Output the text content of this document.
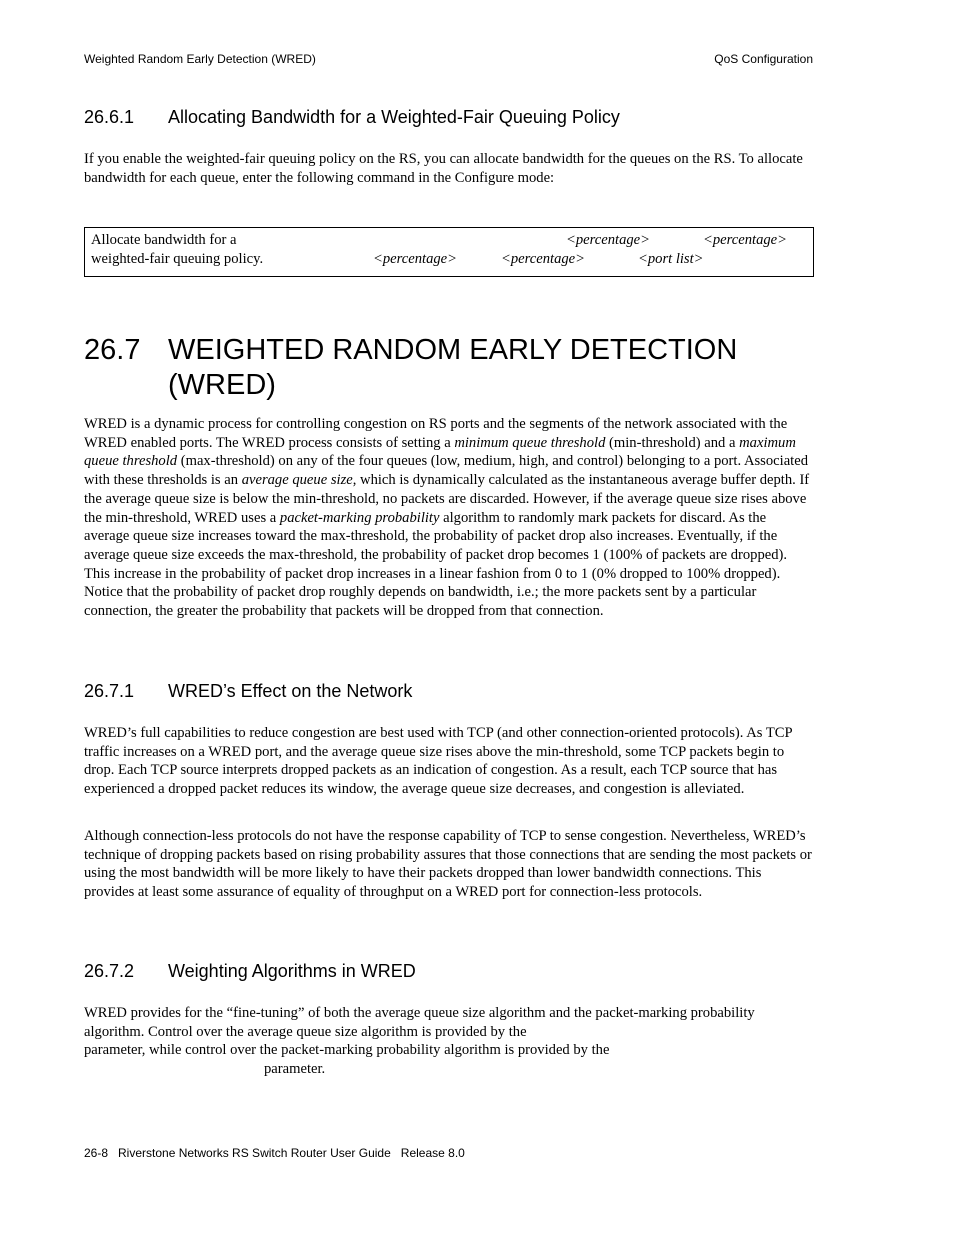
Weighted Random Early Detection (WRED)	QoS Configuration
26.6.1 Allocating Bandwidth for a Weighted-Fair Queuing Policy

If you enable the weighted-fair queuing policy on the RS, you can allocate bandwidth for the queues on the RS. To allocate bandwidth for each queue, enter the following command in the Configure mode:

Allocate bandwidth for a
weighted-fair queuing policy.
<percentage>	<percentage>
<percentage>	<percentage>	<port list>
26.7 WEIGHTED RANDOM EARLY DETECTION
(WRED)

WRED is a dynamic process for controlling congestion on RS ports and the segments of the network associated with the WRED enabled ports. The WRED process consists of setting a minimum queue threshold (min-threshold) and a maximum queue threshold (max-threshold) on any of the four queues (low, medium, high, and control) belonging to a port. Associated with these thresholds is an average queue size, which is dynamically calculated as the instantaneous average buffer depth. If the average queue size is below the min-threshold, no packets are discarded. However, if the average queue size rises above the min-threshold, WRED uses a packet-marking probability algorithm to randomly mark packets for discard. As the average queue size increases toward the max-threshold, the probability of packet drop also increases. Eventually, if the average queue size exceeds the max-threshold, the probability of packet drop becomes 1 (100% of packets are dropped). This increase in the probability of packet drop increases in a linear fashion from 0 to 1 (0% dropped to 100% dropped). Notice that the probability of packet drop roughly depends on bandwidth, i.e.; the more packets sent by a particular connection, the greater the probability that packets will be dropped from that connection.

26.7.1 WRED’s Effect on the Network

WRED’s full capabilities to reduce congestion are best used with TCP (and other connection-oriented protocols). As TCP traffic increases on a WRED port, and the average queue size rises above the min-threshold, some TCP packets begin to drop. Each TCP source interprets dropped packets as an indication of congestion. As a result, each TCP source that has experienced a dropped packet reduces its window, the average queue size decreases, and congestion is alleviated.

Although connection-less protocols do not have the response capability of TCP to sense congestion. Nevertheless, WRED’s technique of dropping packets based on rising probability assures that those connections that are sending the most packets or using the most bandwidth will be more likely to have their packets dropped than lower bandwidth connections. This provides at least some assurance of equality of throughput on a WRED port for connection-less protocols.

26.7.2 Weighting Algorithms in WRED
WRED provides for the “fine-tuning” of both the average queue size algorithm and the packet-marking probability
algorithm. Control over the average queue size algorithm is provided by the
parameter, while control over the packet-marking probability algorithm is provided by the
parameter.
26-8   Riverstone Networks RS Switch Router User Guide   Release 8.0
